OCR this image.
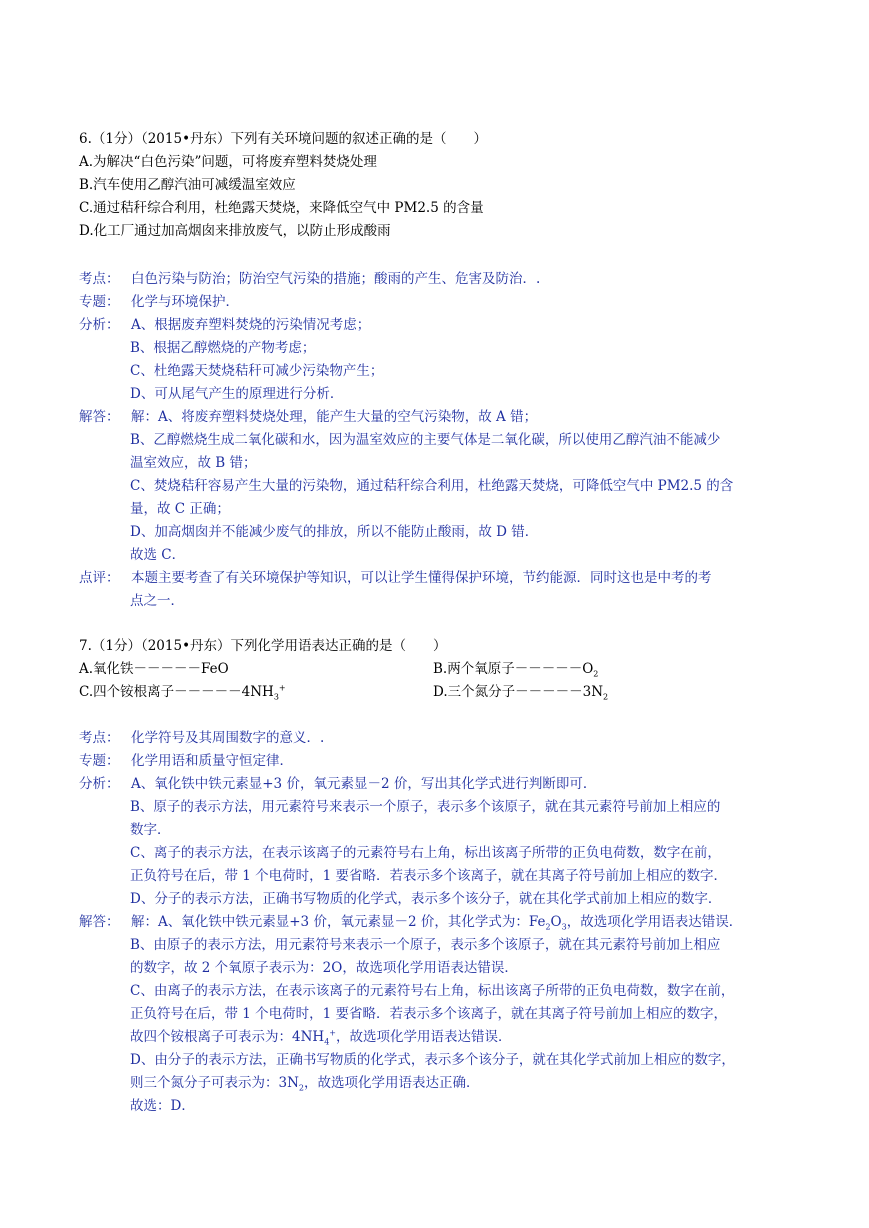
6.（1分）（2015•丹东）下列有关环境问题的叙述正确的是（　　）
A.为解决“白色污染”问题，可将废弃塑料焚烧处理
B.汽车使用乙醇汽油可减缓温室效应
C.通过秸秆综合利用，杜绝露天焚烧，来降低空气中 PM2.5 的含量
D.化工厂通过加高烟囱来排放废气，以防止形成酸雨
考点： 白色污染与防治；防治空气污染的措施；酸雨的产生、危害及防治．.
专题： 化学与环境保护．
分析： A、根据废弃塑料焚烧的污染情况考虑；
B、根据乙醇燃烧的产物考虑；
C、杜绝露天焚烧秸秆可减少污染物产生；
D、可从尾气产生的原理进行分析．
解答： 解：A、将废弃塑料焚烧处理，能产生大量的空气污染物，故 A 错；
B、乙醇燃烧生成二氧化碳和水，因为温室效应的主要气体是二氧化碳，所以使用乙醇汽油不能减少
温室效应，故 B 错；
C、焚烧秸秆容易产生大量的污染物，通过秸秆综合利用，杜绝露天焚烧，可降低空气中 PM2.5 的含
量，故 C 正确；
D、加高烟囱并不能减少废气的排放，所以不能防止酸雨，故 D 错．
故选 C．
点评： 本题主要考查了有关环境保护等知识，可以让学生懂得保护环境，节约能源．同时这也是中考的考
点之一．
7.（1分）（2015•丹东）下列化学用语表达正确的是（　　）
A.氧化铁－－－－－FeO	B.两个氧原子$-----O_2$
C.四个铵根离子$-----4NH_3^+$	D.三个氮分子$-----3N_2$
考点： 化学符号及其周围数字的意义．.
专题： 化学用语和质量守恒定律．
分析： A、氧化铁中铁元素显+3 价，氧元素显－2 价，写出其化学式进行判断即可．
B、原子的表示方法，用元素符号来表示一个原子，表示多个该原子，就在其元素符号前加上相应的
数字．
C、离子的表示方法，在表示该离子的元素符号右上角，标出该离子所带的正负电荷数，数字在前，
正负符号在后，带 1 个电荷时，1 要省略．若表示多个该离子，就在其离子符号前加上相应的数字．
D、分子的表示方法，正确书写物质的化学式，表示多个该分子，就在其化学式前加上相应的数字．
解答： 解：A、氧化铁中铁元素显+3 价，氧元素显－2 价，其化学式为：$Fe_2O_3$，故选项化学用语表达错误．
B、由原子的表示方法，用元素符号来表示一个原子，表示多个该原子，就在其元素符号前加上相应
的数字，故 2 个氧原子表示为：2O，故选项化学用语表达错误．
C、由离子的表示方法，在表示该离子的元素符号右上角，标出该离子所带的正负电荷数，数字在前，
正负符号在后，带 1 个电荷时，1 要省略．若表示多个该离子，就在其离子符号前加上相应的数字，
故四个铵根离子可表示为：$4NH_4^+$，故选项化学用语表达错误．
D、由分子的表示方法，正确书写物质的化学式，表示多个该分子，就在其化学式前加上相应的数字，
则三个氮分子可表示为：$3N_2$，故选项化学用语表达正确．
故选：D．
